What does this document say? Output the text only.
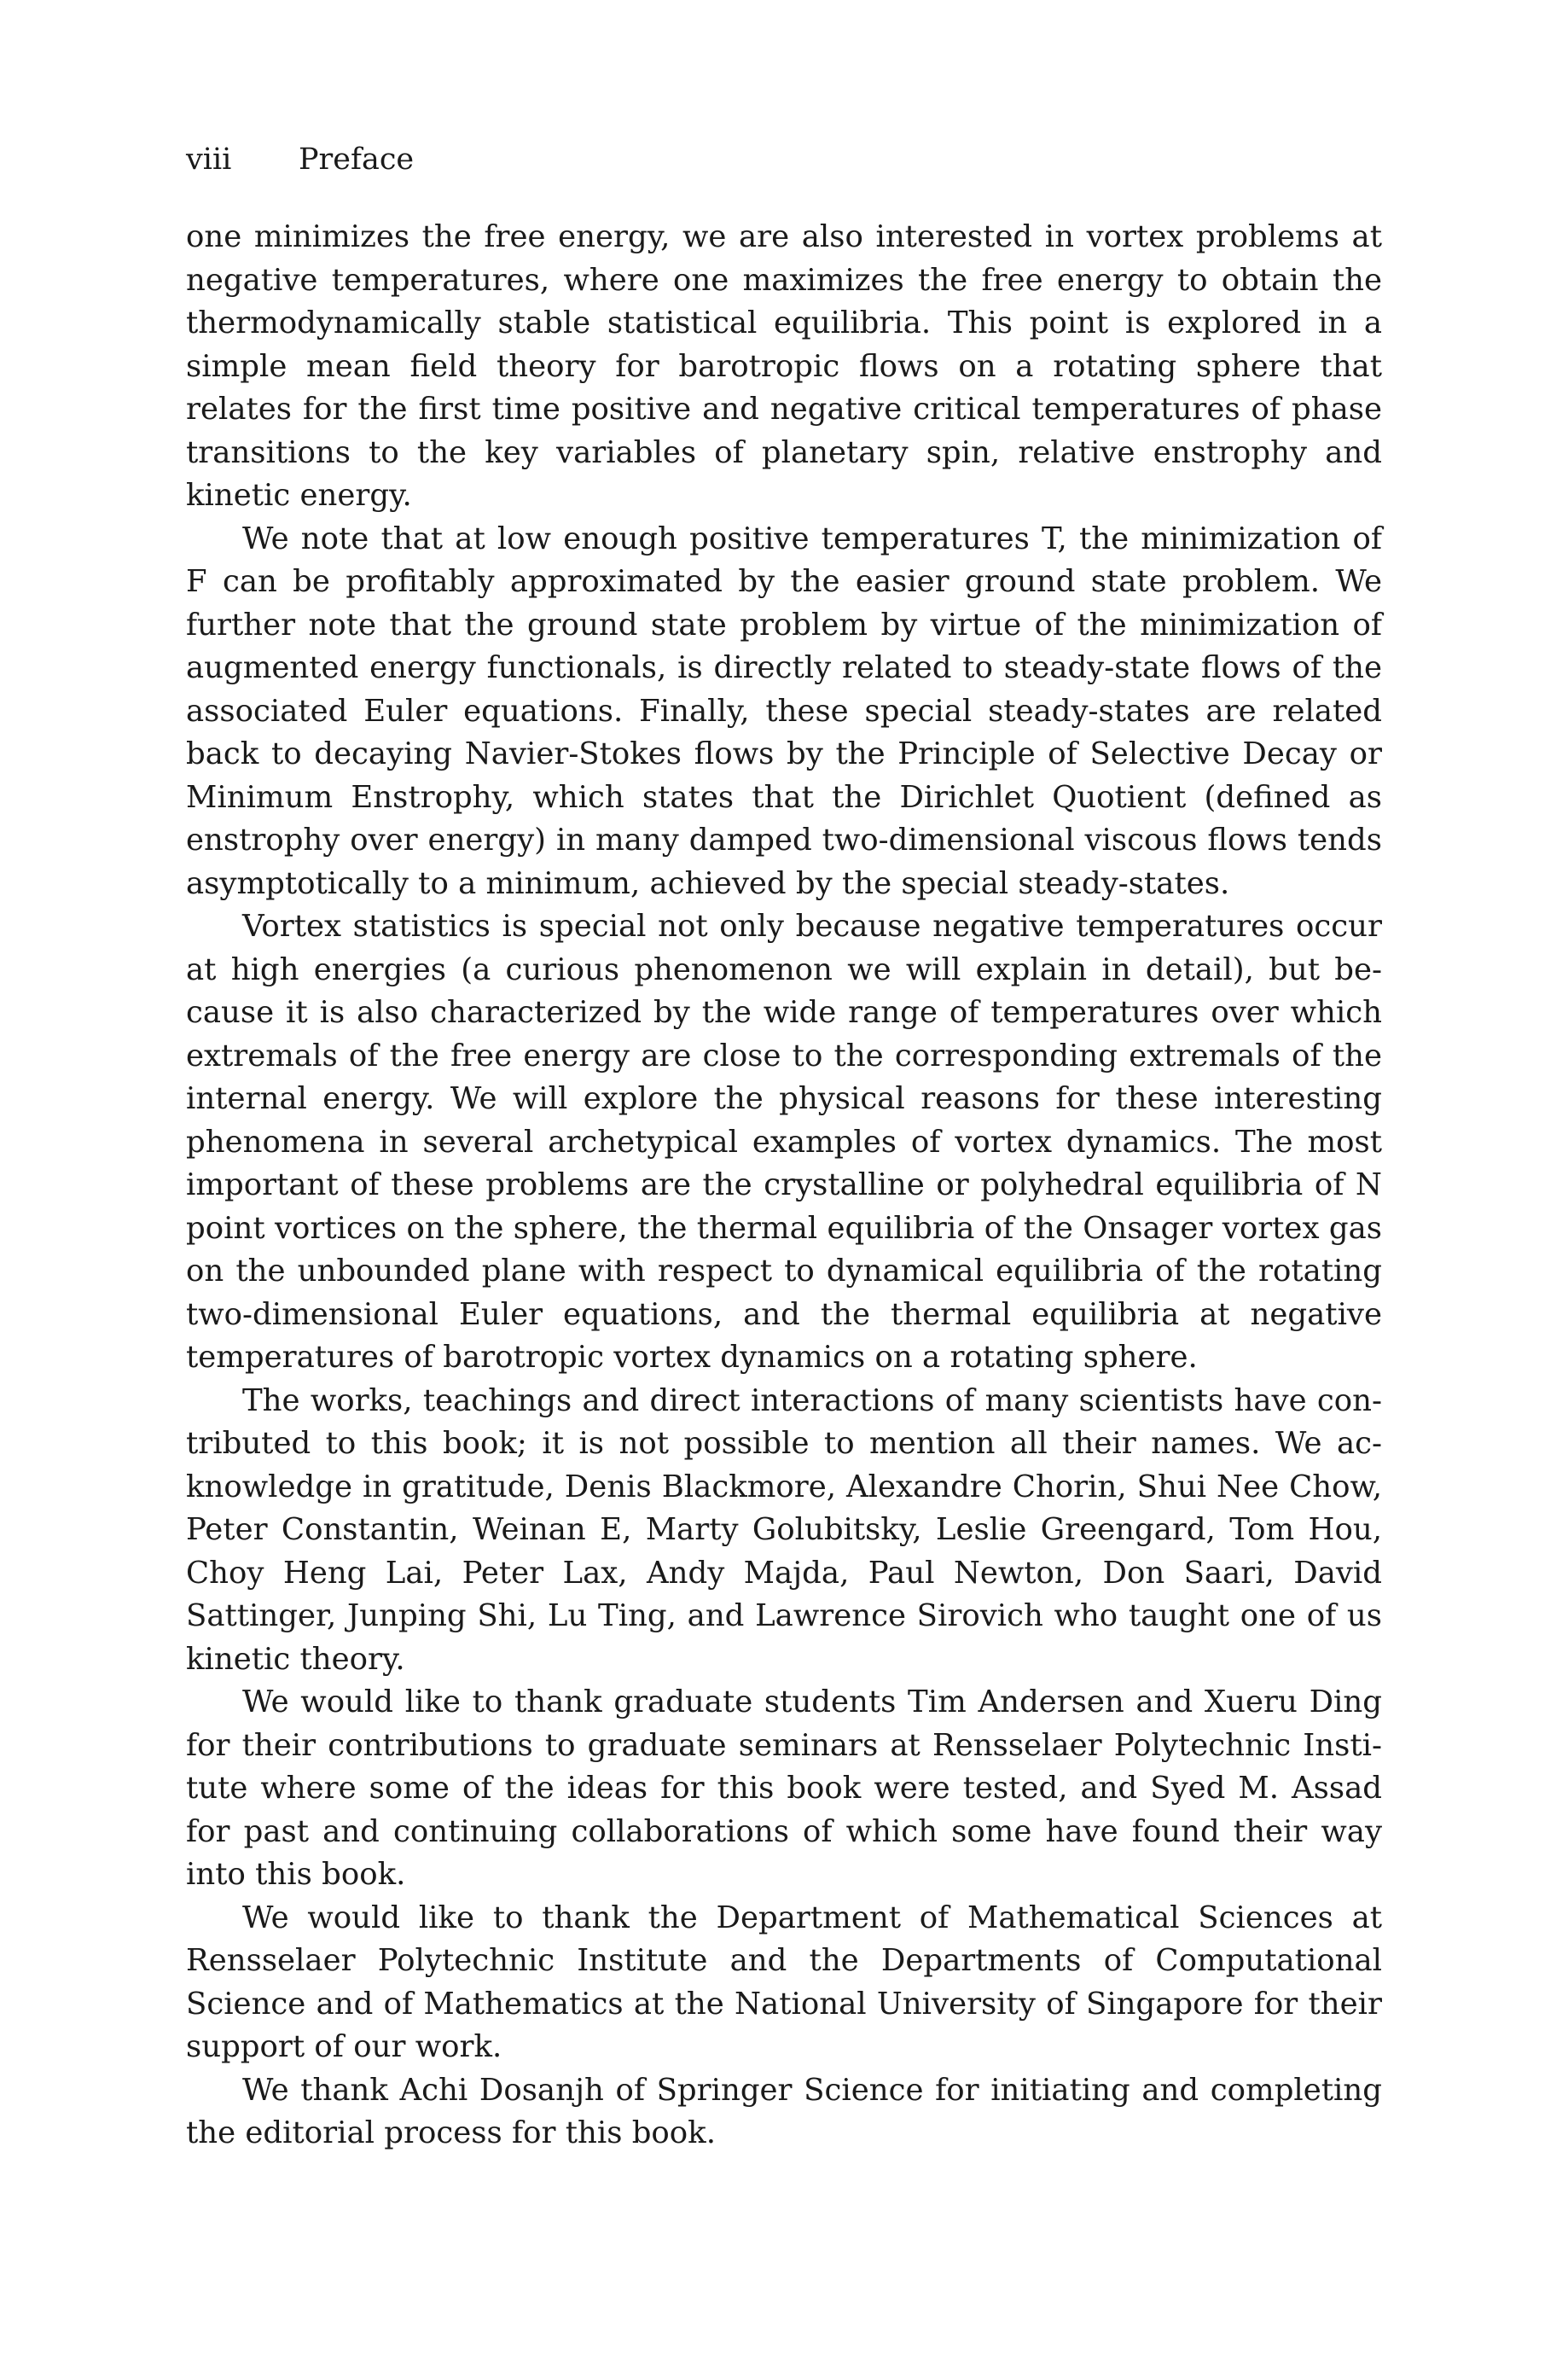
viii Preface

one minimizes the free energy, we are also interested in vortex problems at negative temperatures, where one maximizes the free energy to obtain the thermodynamically stable statistical equilibria. This point is explored in a simple mean field theory for barotropic flows on a rotating sphere that relates for the first time positive and negative critical temperatures of phase transitions to the key variables of planetary spin, relative enstrophy and kinetic energy.

We note that at low enough positive temperatures T, the minimization of F can be profitably approximated by the easier ground state problem. We further note that the ground state problem by virtue of the minimization of augmented energy functionals, is directly related to steady-state flows of the associated Euler equations. Finally, these special steady-states are related back to decaying Navier-Stokes flows by the Principle of Selective Decay or Minimum Enstrophy, which states that the Dirichlet Quotient (defined as enstrophy over energy) in many damped two-dimensional viscous flows tends asymptotically to a minimum, achieved by the special steady-states.

Vortex statistics is special not only because negative temperatures occur at high energies (a curious phenomenon we will explain in detail), but because it is also characterized by the wide range of temperatures over which extremals of the free energy are close to the corresponding extremals of the internal energy. We will explore the physical reasons for these interesting phenomena in several archetypical examples of vortex dynamics. The most important of these problems are the crystalline or polyhedral equilibria of N point vortices on the sphere, the thermal equilibria of the Onsager vortex gas on the unbounded plane with respect to dynamical equilibria of the rotating two-dimensional Euler equations, and the thermal equilibria at negative temperatures of barotropic vortex dynamics on a rotating sphere.

The works, teachings and direct interactions of many scientists have contributed to this book; it is not possible to mention all their names. We acknowledge in gratitude, Denis Blackmore, Alexandre Chorin, Shui Nee Chow, Peter Constantin, Weinan E, Marty Golubitsky, Leslie Greengard, Tom Hou, Choy Heng Lai, Peter Lax, Andy Majda, Paul Newton, Don Saari, David Sattinger, Junping Shi, Lu Ting, and Lawrence Sirovich who taught one of us kinetic theory.

We would like to thank graduate students Tim Andersen and Xueru Ding for their contributions to graduate seminars at Rensselaer Polytechnic Institute where some of the ideas for this book were tested, and Syed M. Assad for past and continuing collaborations of which some have found their way into this book.

We would like to thank the Department of Mathematical Sciences at Rensselaer Polytechnic Institute and the Departments of Computational Science and of Mathematics at the National University of Singapore for their support of our work.

We thank Achi Dosanjh of Springer Science for initiating and completing the editorial process for this book.
